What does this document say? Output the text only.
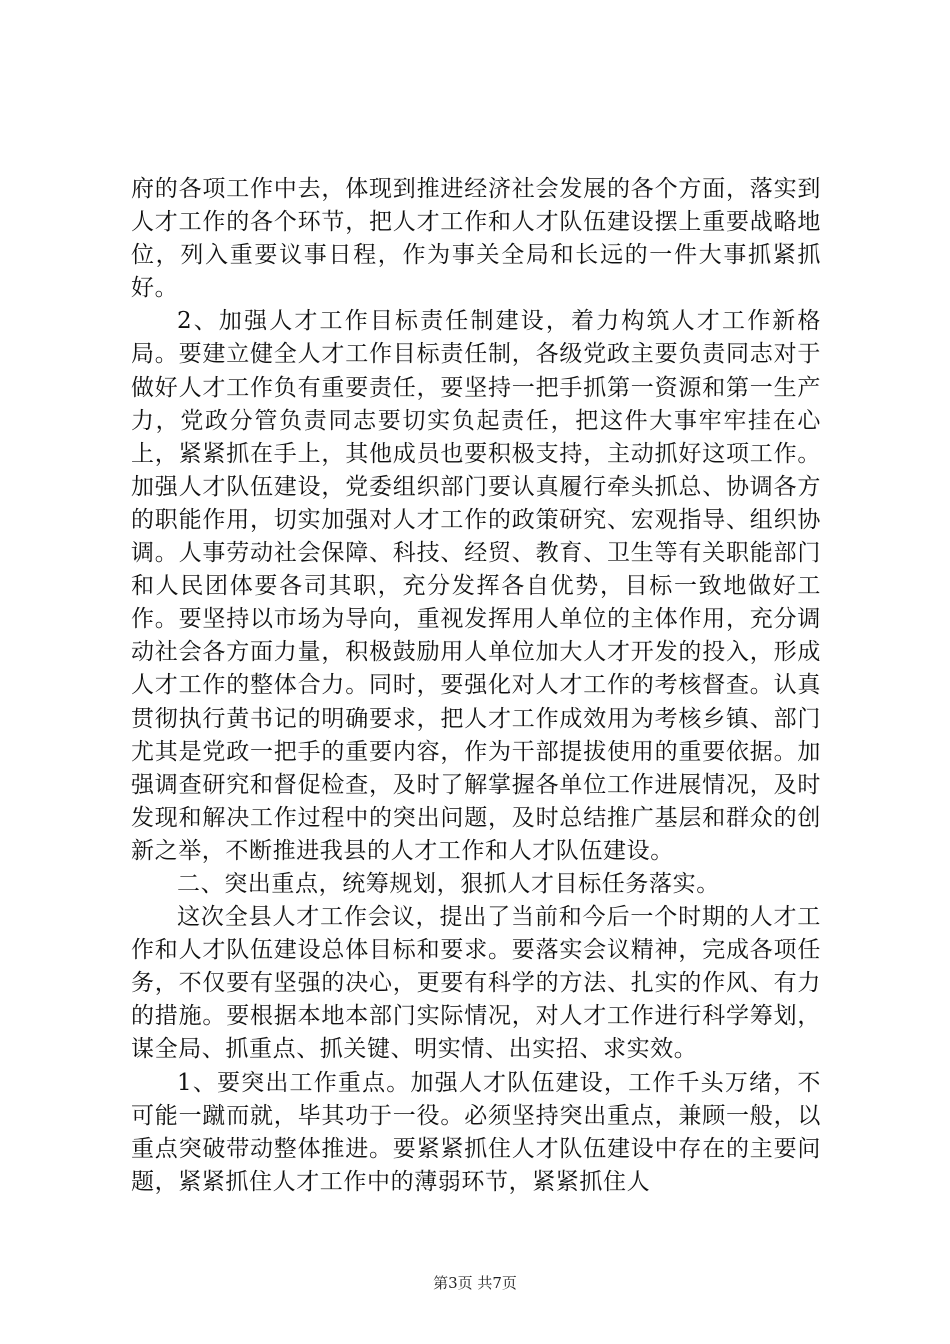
府的各项工作中去，体现到推进经济社会发展的各个方面，落实到人才工作的各个环节，把人才工作和人才队伍建设摆上重要战略地位，列入重要议事日程，作为事关全局和长远的一件大事抓紧抓好。

2、加强人才工作目标责任制建设，着力构筑人才工作新格局。要建立健全人才工作目标责任制，各级党政主要负责同志对于做好人才工作负有重要责任，要坚持一把手抓第一资源和第一生产力，党政分管负责同志要切实负起责任，把这件大事牢牢挂在心上，紧紧抓在手上，其他成员也要积极支持，主动抓好这项工作。加强人才队伍建设，党委组织部门要认真履行牵头抓总、协调各方的职能作用，切实加强对人才工作的政策研究、宏观指导、组织协调。人事劳动社会保障、科技、经贸、教育、卫生等有关职能部门和人民团体要各司其职，充分发挥各自优势，目标一致地做好工作。要坚持以市场为导向，重视发挥用人单位的主体作用，充分调动社会各方面力量，积极鼓励用人单位加大人才开发的投入，形成人才工作的整体合力。同时，要强化对人才工作的考核督查。认真贯彻执行黄书记的明确要求，把人才工作成效用为考核乡镇、部门尤其是党政一把手的重要内容，作为干部提拔使用的重要依据。加强调查研究和督促检查，及时了解掌握各单位工作进展情况，及时发现和解决工作过程中的突出问题，及时总结推广基层和群众的创新之举，不断推进我县的人才工作和人才队伍建设。

二、突出重点，统筹规划，狠抓人才目标任务落实。

这次全县人才工作会议，提出了当前和今后一个时期的人才工作和人才队伍建设总体目标和要求。要落实会议精神，完成各项任务，不仅要有坚强的决心，更要有科学的方法、扎实的作风、有力的措施。要根据本地本部门实际情况，对人才工作进行科学筹划，谋全局、抓重点、抓关键、明实情、出实招、求实效。

1、要突出工作重点。加强人才队伍建设，工作千头万绪，不可能一蹴而就，毕其功于一役。必须坚持突出重点，兼顾一般，以重点突破带动整体推进。要紧紧抓住人才队伍建设中存在的主要问题，紧紧抓住人才工作中的薄弱环节，紧紧抓住人

第3页 共7页
